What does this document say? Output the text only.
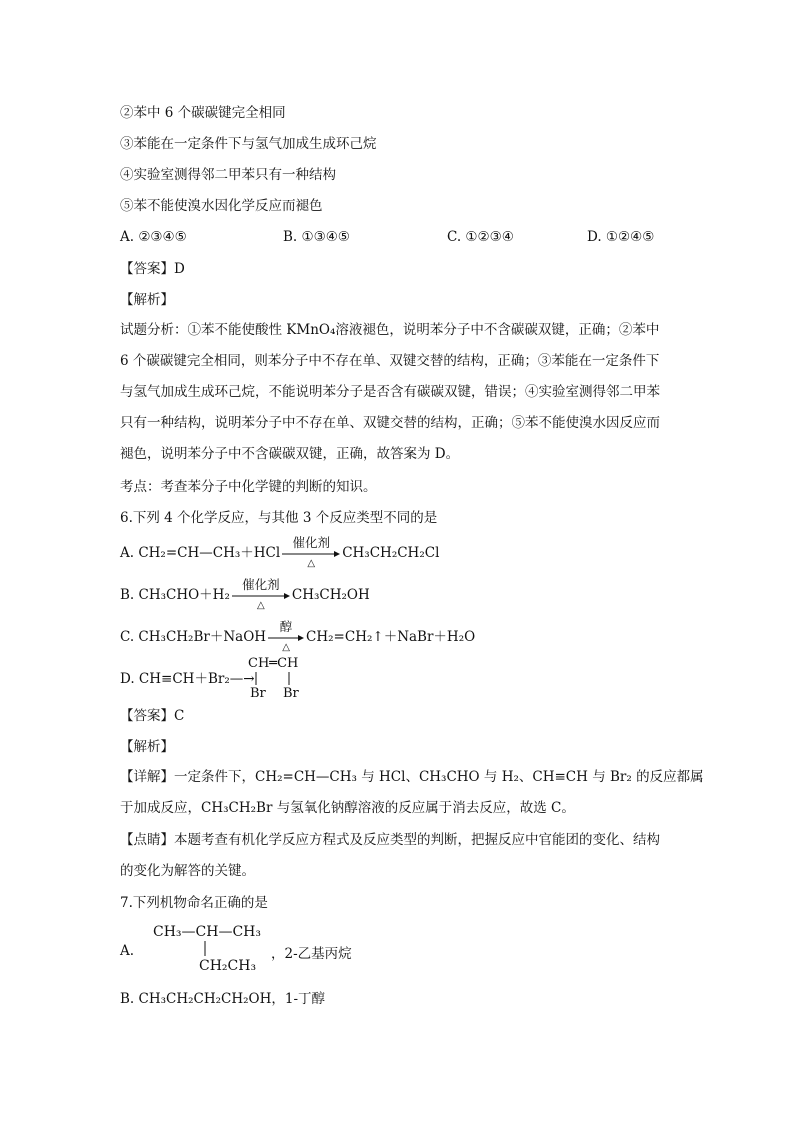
②苯中 6 个碳碳键完全相同
③苯能在一定条件下与氢气加成生成环己烷
④实验室测得邻二甲苯只有一种结构
⑤苯不能使溴水因化学反应而褪色
A. ②③④⑤	B. ①③④⑤	C. ①②③④	D. ①②④⑤
【答案】D
【解析】
试题分析：①苯不能使酸性 KMnO₄溶液褪色，说明苯分子中不含碳碳双键，正确；②苯中
6 个碳碳键完全相同，则苯分子中不存在单、双键交替的结构，正确；③苯能在一定条件下
与氢气加成生成环己烷，不能说明苯分子是否含有碳碳双键，错误；④实验室测得邻二甲苯
只有一种结构，说明苯分子中不存在单、双键交替的结构，正确；⑤苯不能使溴水因反应而
褪色，说明苯分子中不含碳碳双键，正确，故答案为 D。
考点：考查苯分子中化学键的判断的知识。
6.下列 4 个化学反应，与其他 3 个反应类型不同的是
A. CH₂=CH—CH₃＋HCl
催化剂
△
CH₃CH₂CH₂Cl
B. CH₃CHO＋H₂
催化剂
△
CH₃CH₂OH
C. CH₃CH₂Br＋NaOH
醇
△
CH₂=CH₂↑＋NaBr＋H₂O
D. CH≡CH＋Br₂—→
CH═CH
Br Br
【答案】C
【解析】
【详解】一定条件下，CH₂=CH—CH₃ 与 HCl、CH₃CHO 与 H₂、CH≡CH 与 Br₂ 的反应都属
于加成反应，CH₃CH₂Br 与氢氧化钠醇溶液的反应属于消去反应，故选 C。
【点睛】本题考查有机化学反应方程式及反应类型的判断，把握反应中官能团的变化、结构
的变化为解答的关键。
7.下列机物命名正确的是
A.
CH₃—CH—CH₃
CH₂CH₃
，2-乙基丙烷
B. CH₃CH₂CH₂CH₂OH，1-丁醇
